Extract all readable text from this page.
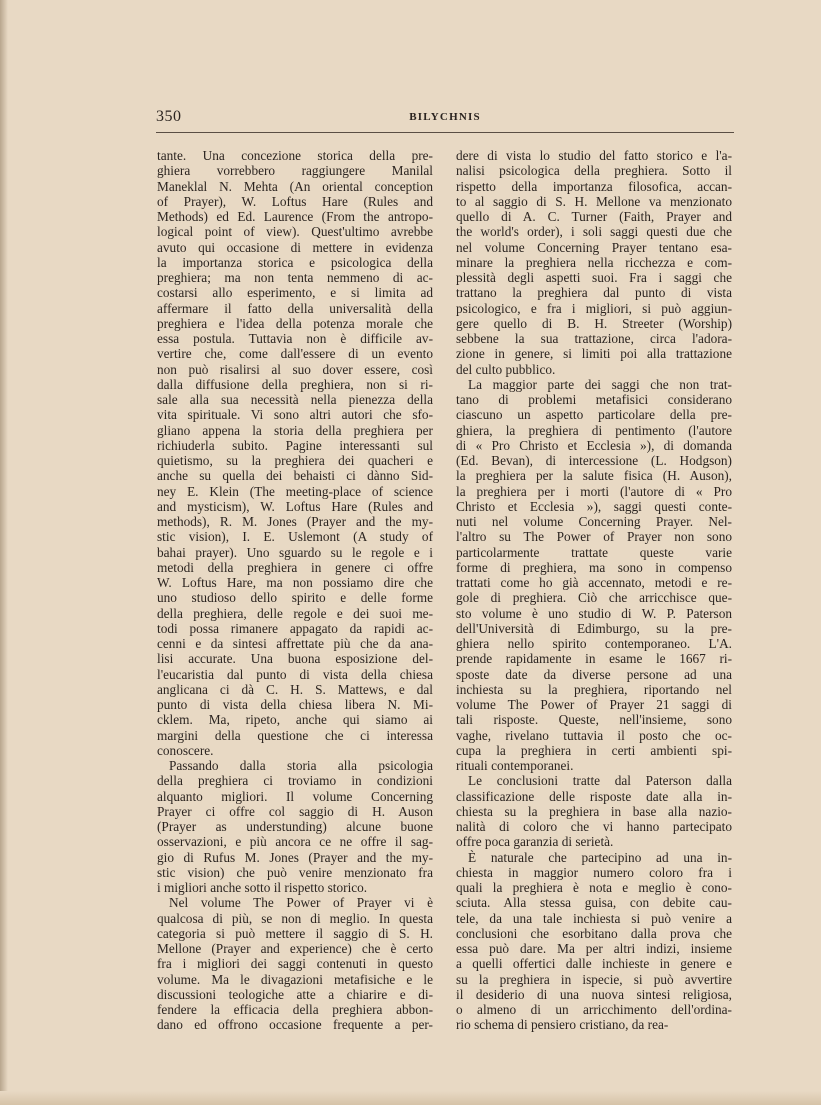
350	BILYCHNIS
tante. Una concezione storica della pre-
ghiera vorrebbero raggiungere Manilal
Maneklal N. Mehta (An oriental conception
of Prayer), W. Loftus Hare (Rules and
Methods) ed Ed. Laurence (From the antropo-
logical point of view). Quest'ultimo avrebbe
avuto qui occasione di mettere in evidenza
la importanza storica e psicologica della
preghiera; ma non tenta nemmeno di ac-
costarsi allo esperimento, e si limita ad
affermare il fatto della universalità della
preghiera e l'idea della potenza morale che
essa postula. Tuttavia non è difficile av-
vertire che, come dall'essere di un evento
non può risalirsi al suo dover essere, così
dalla diffusione della preghiera, non si ri-
sale alla sua necessità nella pienezza della
vita spirituale. Vi sono altri autori che sfo-
gliano appena la storia della preghiera per
richiuderla subito. Pagine interessanti sul
quietismo, su la preghiera dei quacheri e
anche su quella dei behaisti ci dànno Sid-
ney E. Klein (The meeting-place of science
and mysticism), W. Loftus Hare (Rules and
methods), R. M. Jones (Prayer and the my-
stic vision), I. E. Uslemont (A study of
bahai prayer). Uno sguardo su le regole e i
metodi della preghiera in genere ci offre
W. Loftus Hare, ma non possiamo dire che
uno studioso dello spirito e delle forme
della preghiera, delle regole e dei suoi me-
todi possa rimanere appagato da rapidi ac-
cenni e da sintesi affrettate più che da ana-
lisi accurate. Una buona esposizione del-
l'eucaristia dal punto di vista della chiesa
anglicana ci dà C. H. S. Mattews, e dal
punto di vista della chiesa libera N. Mi-
cklem. Ma, ripeto, anche qui siamo ai
margini della questione che ci interessa
conoscere.
Passando dalla storia alla psicologia
della preghiera ci troviamo in condizioni
alquanto migliori. Il volume Concerning
Prayer ci offre col saggio di H. Auson
(Prayer as understunding) alcune buone
osservazioni, e più ancora ce ne offre il sag-
gio di Rufus M. Jones (Prayer and the my-
stic vision) che può venire menzionato fra
i migliori anche sotto il rispetto storico.
Nel volume The Power of Prayer vi è
qualcosa di più, se non di meglio. In questa
categoria si può mettere il saggio di S. H.
Mellone (Prayer and experience) che è certo
fra i migliori dei saggi contenuti in questo
volume. Ma le divagazioni metafisiche e le
discussioni teologiche atte a chiarire e di-
fendere la efficacia della preghiera abbon-
dano ed offrono occasione frequente a per-
dere di vista lo studio del fatto storico e l'a-
nalisi psicologica della preghiera. Sotto il
rispetto della importanza filosofica, accan-
to al saggio di S. H. Mellone va menzionato
quello di A. C. Turner (Faith, Prayer and
the world's order), i soli saggi questi due che
nel volume Concerning Prayer tentano esa-
minare la preghiera nella ricchezza e com-
plessità degli aspetti suoi. Fra i saggi che
trattano la preghiera dal punto di vista
psicologico, e fra i migliori, si può aggiun-
gere quello di B. H. Streeter (Worship)
sebbene la sua trattazione, circa l'adora-
zione in genere, si limiti poi alla trattazione
del culto pubblico.
La maggior parte dei saggi che non trat-
tano di problemi metafisici considerano
ciascuno un aspetto particolare della pre-
ghiera, la preghiera di pentimento (l'autore
di « Pro Christo et Ecclesia »), di domanda
(Ed. Bevan), di intercessione (L. Hodgson)
la preghiera per la salute fisica (H. Auson),
la preghiera per i morti (l'autore di « Pro
Christo et Ecclesia »), saggi questi conte-
nuti nel volume Concerning Prayer. Nel-
l'altro su The Power of Prayer non sono
particolarmente trattate queste varie
forme di preghiera, ma sono in compenso
trattati come ho già accennato, metodi e re-
gole di preghiera. Ciò che arricchisce que-
sto volume è uno studio di W. P. Paterson
dell'Università di Edimburgo, su la pre-
ghiera nello spirito contemporaneo. L'A.
prende rapidamente in esame le 1667 ri-
sposte date da diverse persone ad una
inchiesta su la preghiera, riportando nel
volume The Power of Prayer 21 saggi di
tali risposte. Queste, nell'insieme, sono
vaghe, rivelano tuttavia il posto che oc-
cupa la preghiera in certi ambienti spi-
rituali contemporanei.
Le conclusioni tratte dal Paterson dalla
classificazione delle risposte date alla in-
chiesta su la preghiera in base alla nazio-
nalità di coloro che vi hanno partecipato
offre poca garanzia di serietà.
È naturale che partecipino ad una in-
chiesta in maggior numero coloro fra i
quali la preghiera è nota e meglio è cono-
sciuta. Alla stessa guisa, con debite cau-
tele, da una tale inchiesta si può venire a
conclusioni che esorbitano dalla prova che
essa può dare. Ma per altri indizi, insieme
a quelli offertici dalle inchieste in genere e
su la preghiera in ispecie, si può avvertire
il desiderio di una nuova sintesi religiosa,
o almeno di un arricchimento dell'ordina-
rio schema di pensiero cristiano, da rea-
